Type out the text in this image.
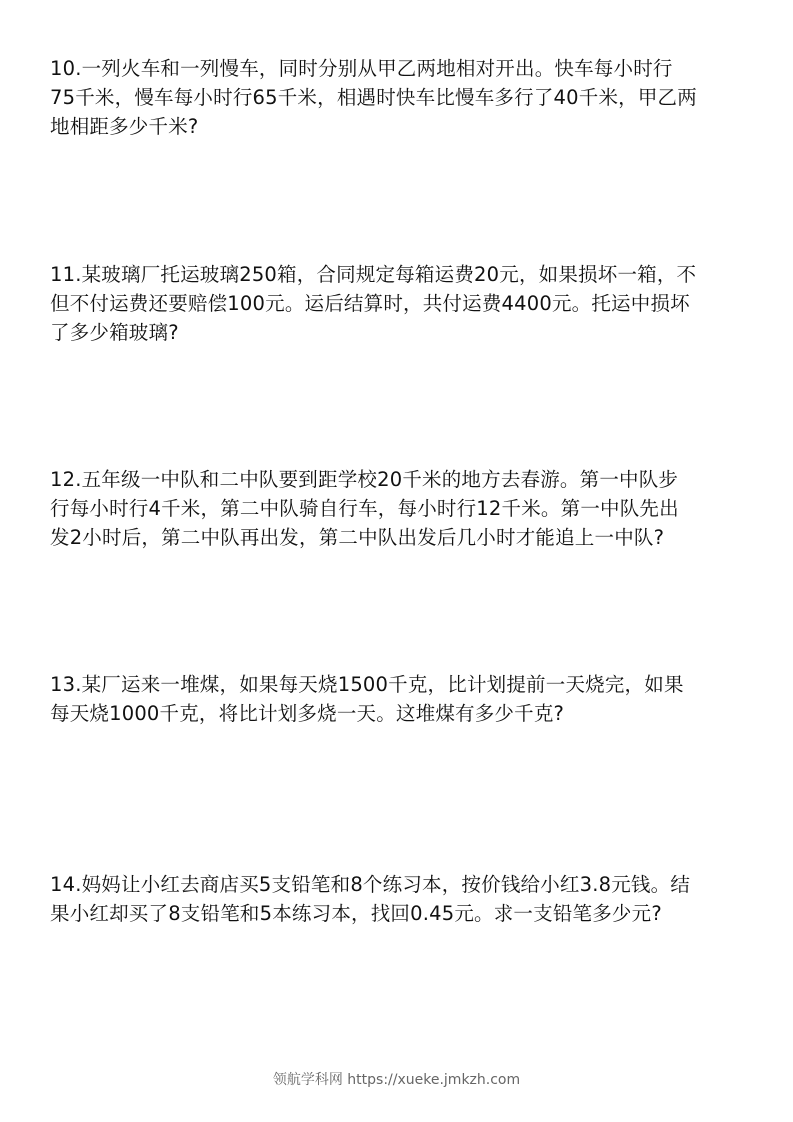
10.一列火车和一列慢车，同时分别从甲乙两地相对开出。快车每小时行
75千米，慢车每小时行65千米，相遇时快车比慢车多行了40千米，甲乙两
地相距多少千米?
11.某玻璃厂托运玻璃250箱，合同规定每箱运费20元，如果损坏一箱，不
但不付运费还要赔偿100元。运后结算时，共付运费4400元。托运中损坏
了多少箱玻璃?
12.五年级一中队和二中队要到距学校20千米的地方去春游。第一中队步
行每小时行4千米，第二中队骑自行车，每小时行12千米。第一中队先出
发2小时后，第二中队再出发，第二中队出发后几小时才能追上一中队?
13.某厂运来一堆煤，如果每天烧1500千克，比计划提前一天烧完，如果
每天烧1000千克，将比计划多烧一天。这堆煤有多少千克?
14.妈妈让小红去商店买5支铅笔和8个练习本，按价钱给小红3.8元钱。结
果小红却买了8支铅笔和5本练习本，找回0.45元。求一支铅笔多少元?
领航学科网 https://xueke.jmkzh.com
